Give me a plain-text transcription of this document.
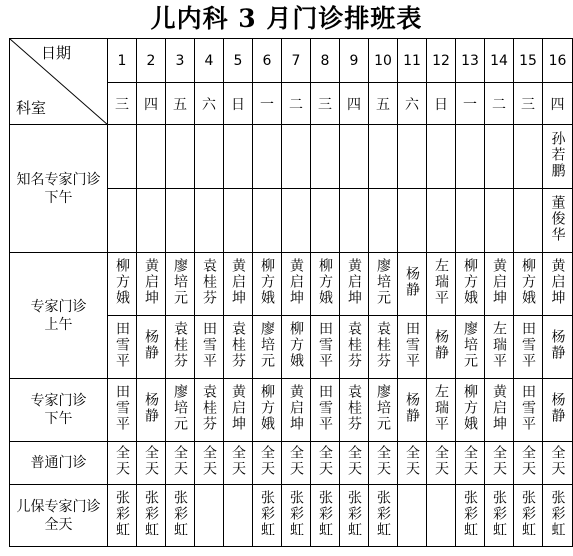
儿内科 3 月门诊排班表
日期
科室	1	2	3	4	5	6	7	8	9	10	11	12	13	14	15	16
	三	四	五	六	日	一	二	三	四	五	六	日	一	二	三	四

知名专家门诊
下午																孙若鹏
																董俊华

专家门诊
上午	柳方娥	黄启坤	廖培元	袁桂芬	黄启坤	柳方娥	黄启坤	柳方娥	黄启坤	廖培元	杨静	左瑞平	柳方娥	黄启坤	柳方娥	黄启坤
	田雪平	杨静	袁桂芬	田雪平	袁桂芬	廖培元	柳方娥	田雪平	袁桂芬	袁桂芬	田雪平	杨静	廖培元	左瑞平	田雪平	杨静

专家门诊
下午	田雪平	杨静	廖培元	袁桂芬	黄启坤	柳方娥	黄启坤	田雪平	袁桂芬	廖培元	杨静	左瑞平	柳方娥	黄启坤	田雪平	杨静

普通门诊	全天	全天	全天	全天	全天	全天	全天	全天	全天	全天	全天	全天	全天	全天	全天	全天

儿保专家门诊
全天	张彩虹	张彩虹	张彩虹			张彩虹	张彩虹	张彩虹	张彩虹	张彩虹			张彩虹	张彩虹	张彩虹	张彩虹
